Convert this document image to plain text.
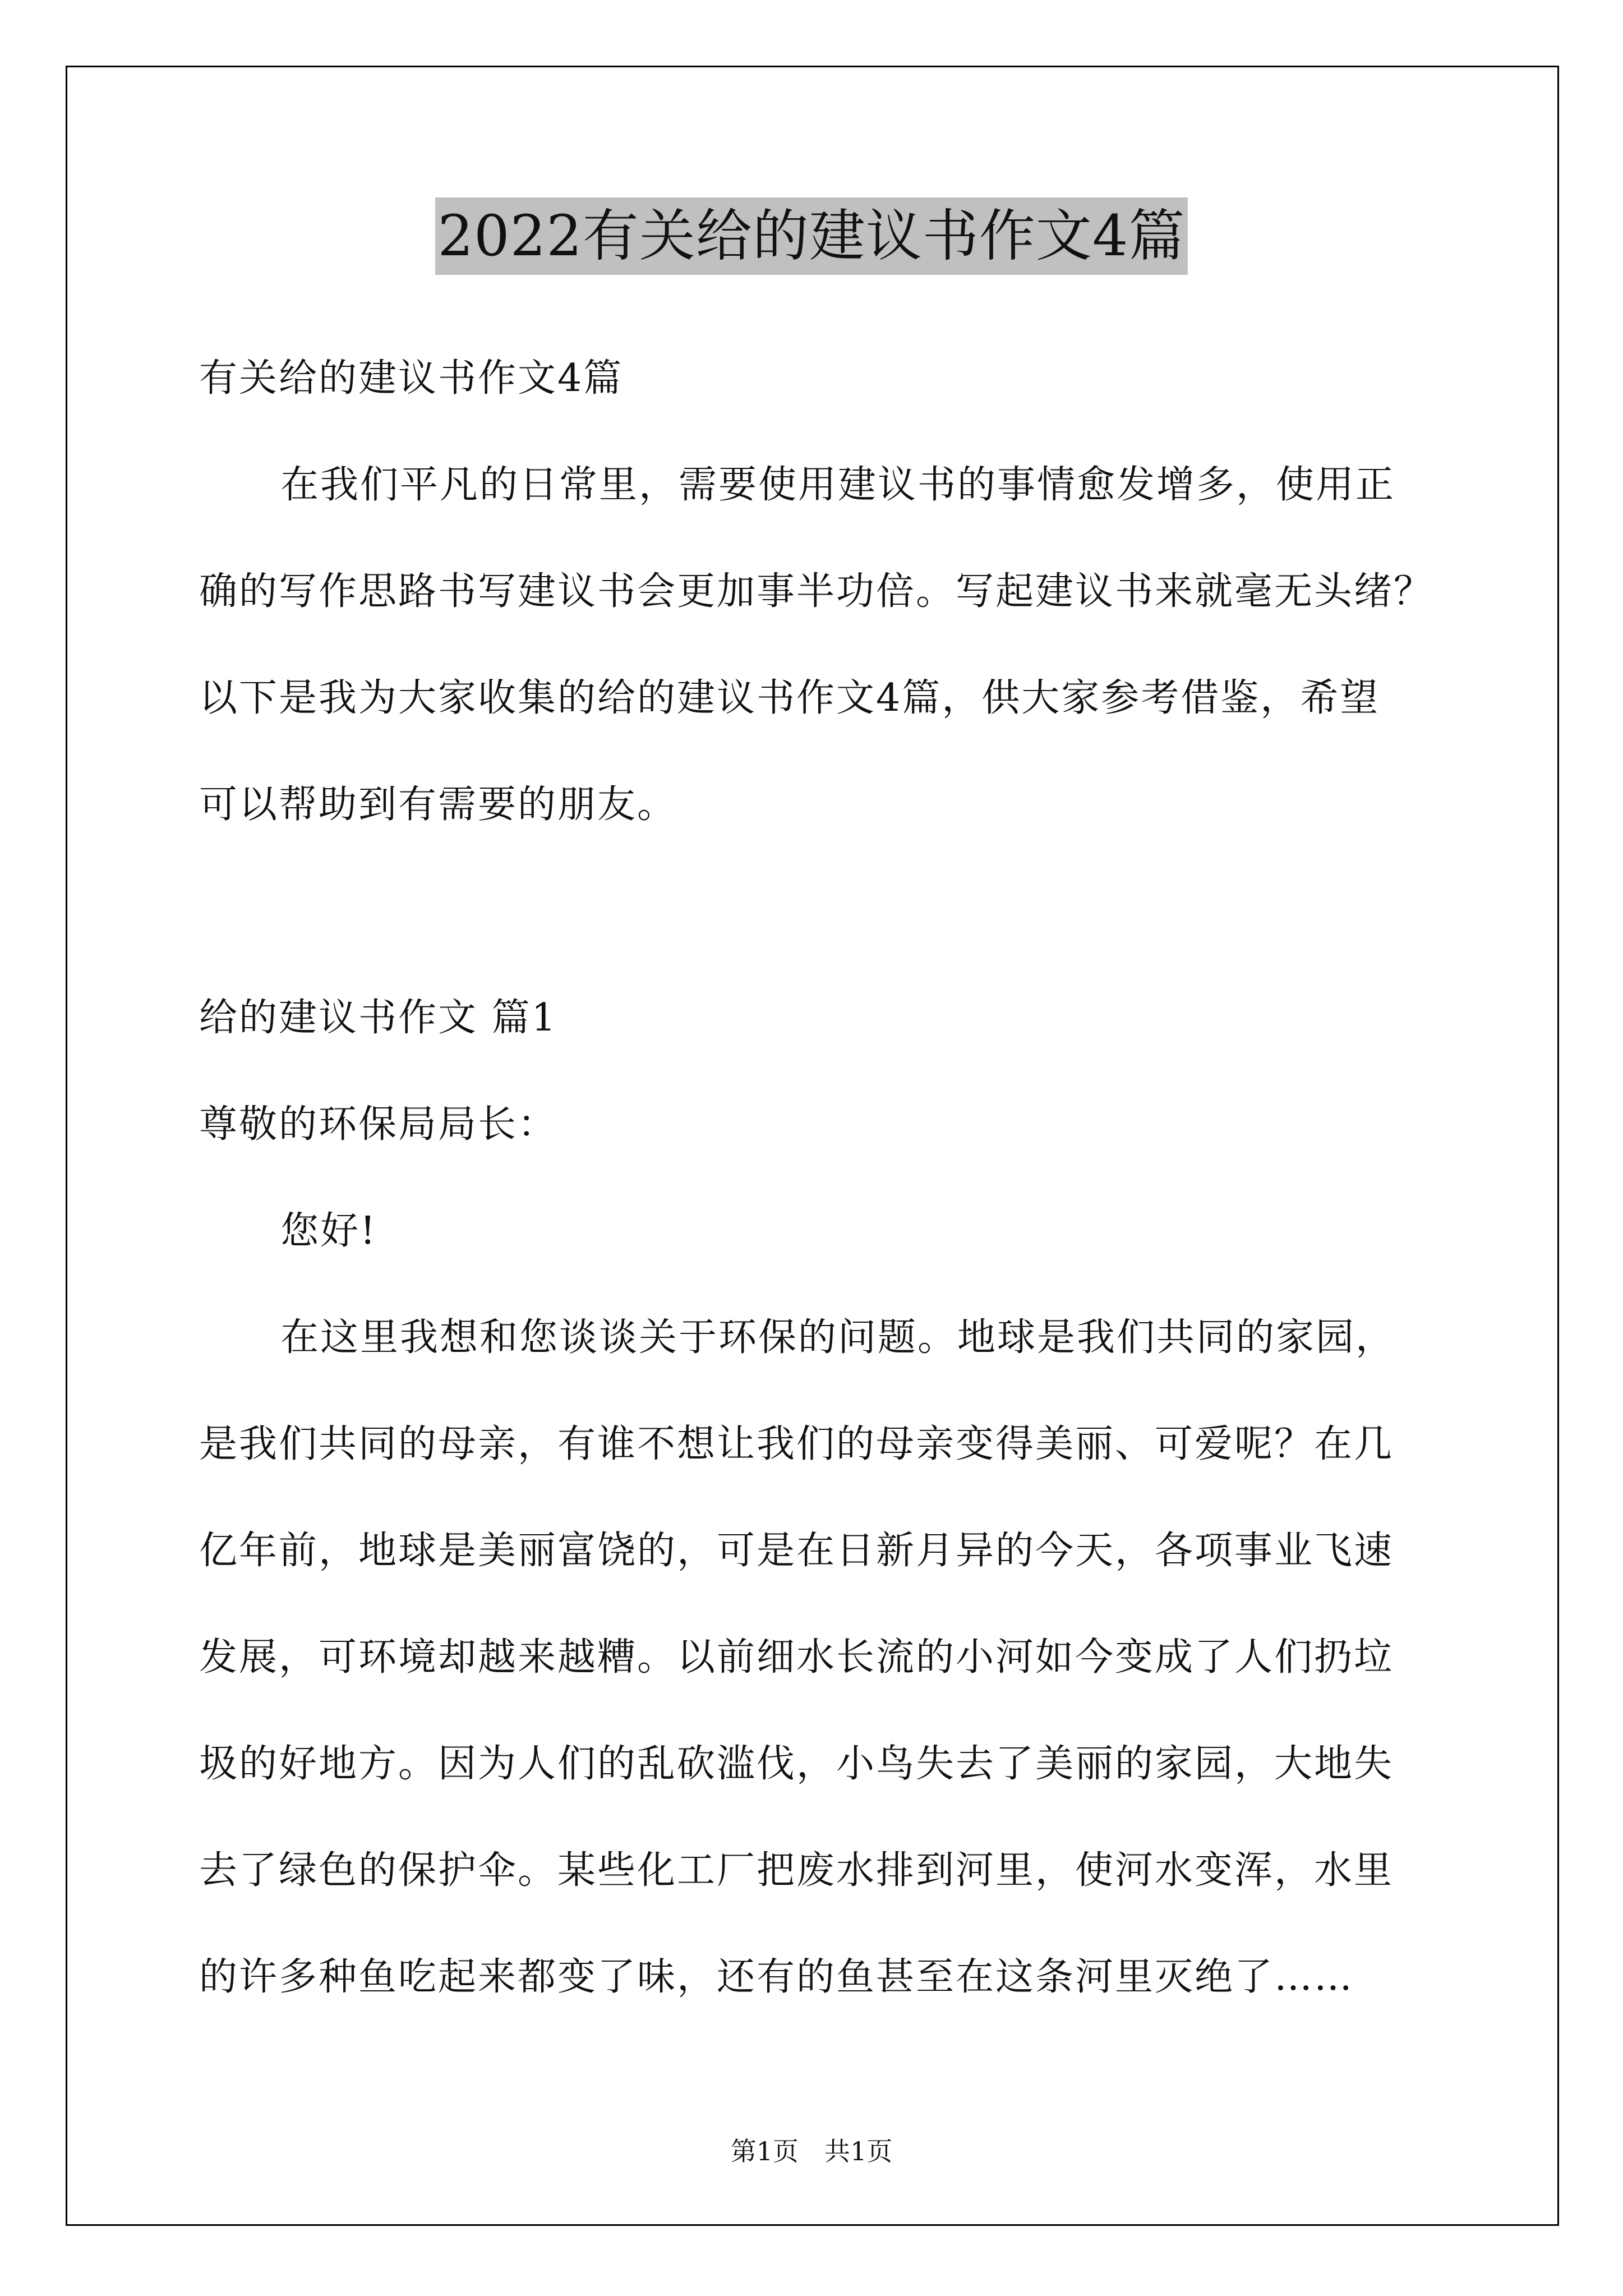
2022有关给的建议书作文4篇
有关给的建议书作文4篇
在我们平凡的日常里，需要使用建议书的事情愈发增多，使用正
确的写作思路书写建议书会更加事半功倍。写起建议书来就毫无头绪？
以下是我为大家收集的给的建议书作文4篇，供大家参考借鉴，希望
可以帮助到有需要的朋友。
给的建议书作文 篇1
尊敬的环保局局长：
您好!
在这里我想和您谈谈关于环保的问题。地球是我们共同的家园，
是我们共同的母亲，有谁不想让我们的母亲变得美丽、可爱呢？在几
亿年前，地球是美丽富饶的，可是在日新月异的今天，各项事业飞速
发展，可环境却越来越糟。以前细水长流的小河如今变成了人们扔垃
圾的好地方。因为人们的乱砍滥伐，小鸟失去了美丽的家园，大地失
去了绿色的保护伞。某些化工厂把废水排到河里，使河水变浑，水里
的许多种鱼吃起来都变了味，还有的鱼甚至在这条河里灭绝了……
第1页　共1页
